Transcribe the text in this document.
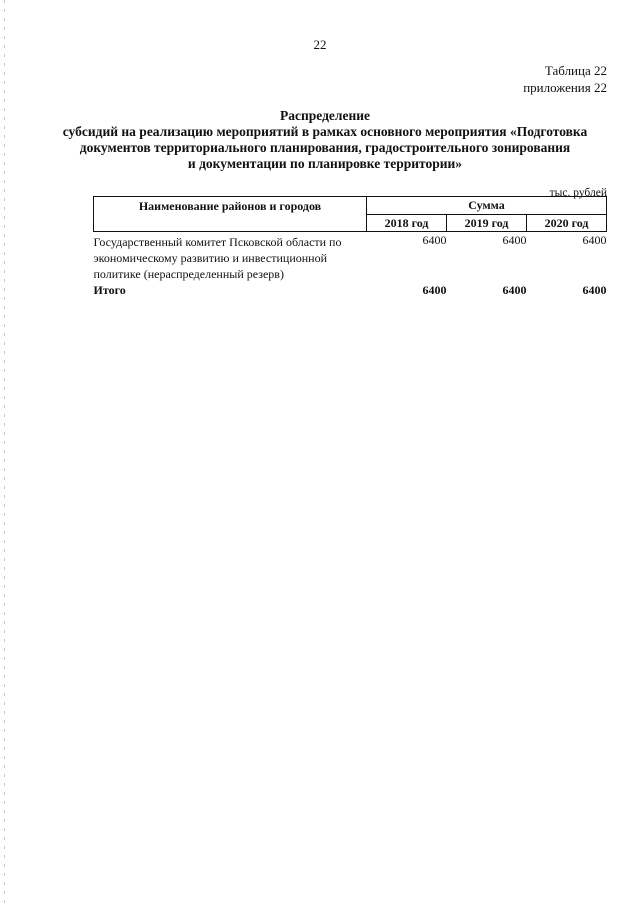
22
Таблица 22
приложения 22
Распределение
субсидий на реализацию мероприятий в рамках основного мероприятия «Подготовка
документов территориального планирования, градостроительного зонирования
и документации по планировке территории»
тыс. рублей
Наименование районов и городов	Сумма		
	2018 год	2019 год	2020 год

Государственный комитет Псковской области по
экономическому развитию и инвестиционной
политике (нераспределенный резерв)	6400	6400	6400
Итого	6400	6400	6400
